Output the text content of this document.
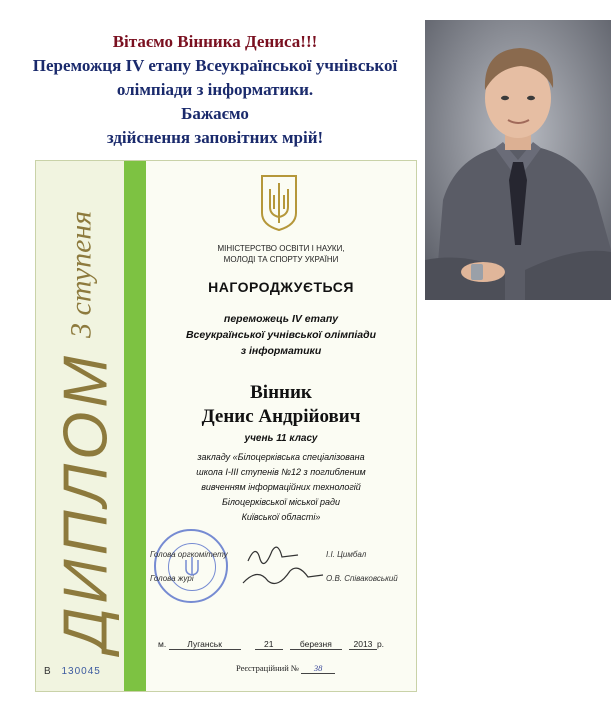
Вітаємо Вінника Дениса!!!
Переможця IV етапу Всеукраїнської учнівської
олімпіади з інформатики.
Бажаємо
здійснення заповітних мрій!
ДИПЛОМ3 ступеня
В 130045
МІНІСТЕРСТВО ОСВІТИ І НАУКИ,
МОЛОДІ ТА СПОРТУ УКРАЇНИ
НАГОРОДЖУЄТЬСЯ
переможець IV етапу
Всеукраїнської учнівської олімпіади
з інформатики
Вінник
Денис Андрійович
учень 11 класу
закладу «Білоцерківська спеціалізована
школа І-ІІІ ступенів №12 з поглибленим
вивченням інформаційних технологій
Білоцерківської міської ради
Київської області»
Голова оргкомітету	І.І. Цимбал
Голова журі	О.В. Співаковський
м. Луганськ	21	березня	2013 р.
Реєстраційний № 38
